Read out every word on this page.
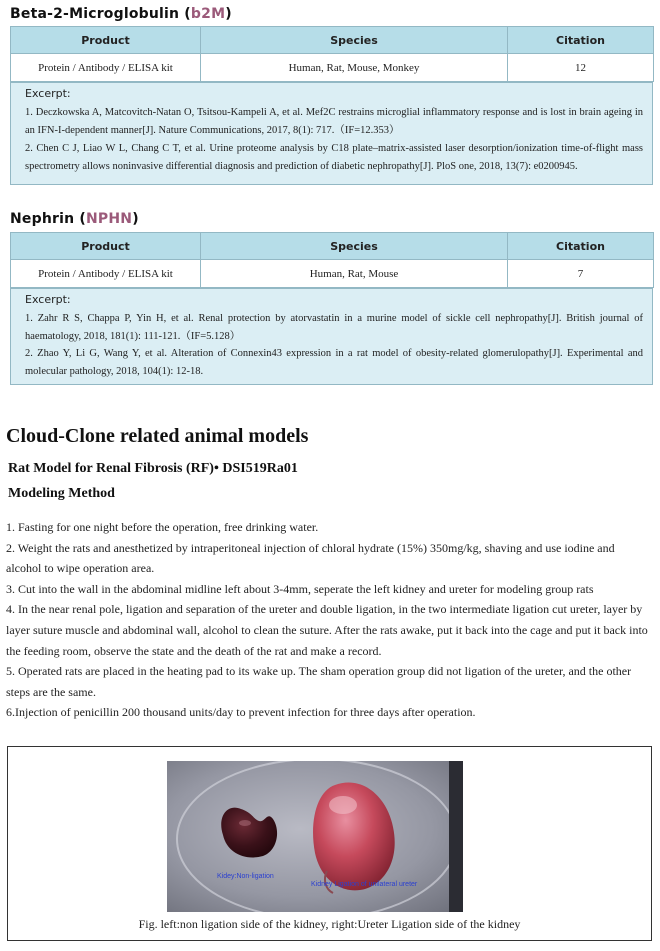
Beta-2-Microglobulin (b2M)
Product	Species	Citation
Protein / Antibody / ELISA kit	Human, Rat, Mouse, Monkey	12
Excerpt:
1. Deczkowska A, Matcovitch-Natan O, Tsitsou-Kampeli A, et al. Mef2C restrains microglial inflammatory response and is lost in brain ageing in an IFN-I-dependent manner[J]. Nature Communications, 2017, 8(1): 717.（IF=12.353）
2. Chen C J, Liao W L, Chang C T, et al. Urine proteome analysis by C18 plate–matrix-assisted laser desorption/ionization time-of-flight mass spectrometry allows noninvasive differential diagnosis and prediction of diabetic nephropathy[J]. PloS one, 2018, 13(7): e0200945.
Nephrin (NPHN)
Product	Species	Citation
Protein / Antibody / ELISA kit	Human, Rat, Mouse	7
Excerpt:
1. Zahr R S, Chappa P, Yin H, et al. Renal protection by atorvastatin in a murine model of sickle cell nephropathy[J]. British journal of haematology, 2018, 181(1): 111-121.（IF=5.128）
2. Zhao Y, Li G, Wang Y, et al. Alteration of Connexin43 expression in a rat model of obesity-related glomerulopathy[J]. Experimental and molecular pathology, 2018, 104(1): 12-18.
Cloud-Clone related animal models
Rat Model for Renal Fibrosis (RF)• DSI519Ra01
Modeling Method

1. Fasting for one night before the operation, free drinking water.

2. Weight the rats and anesthetized by intraperitoneal injection of chloral hydrate (15%) 350mg/kg, shaving and use iodine and alcohol to wipe operation area.

3. Cut into the wall in the abdominal midline left about 3-4mm, seperate the left kidney and ureter for modeling group rats

4. In the near renal pole, ligation and separation of the ureter and double ligation, in the two intermediate ligation cut ureter, layer by layer suture muscle and abdominal wall, alcohol to clean the suture. After the rats awake, put it back into the cage and put it back into the feeding room, observe the state and the death of the rat and make a record.

5. Operated rats are placed in the heating pad to its wake up. The sham operation group did not ligation of the ureter, and the other steps are the same.

6.Injection of penicillin 200 thousand units/day to prevent infection for three days after operation.

Kidey:Non-ligation
Kidney Ligation of unilateral ureter
Fig. left:non ligation side of the kidney, right:Ureter Ligation side of the kidney
